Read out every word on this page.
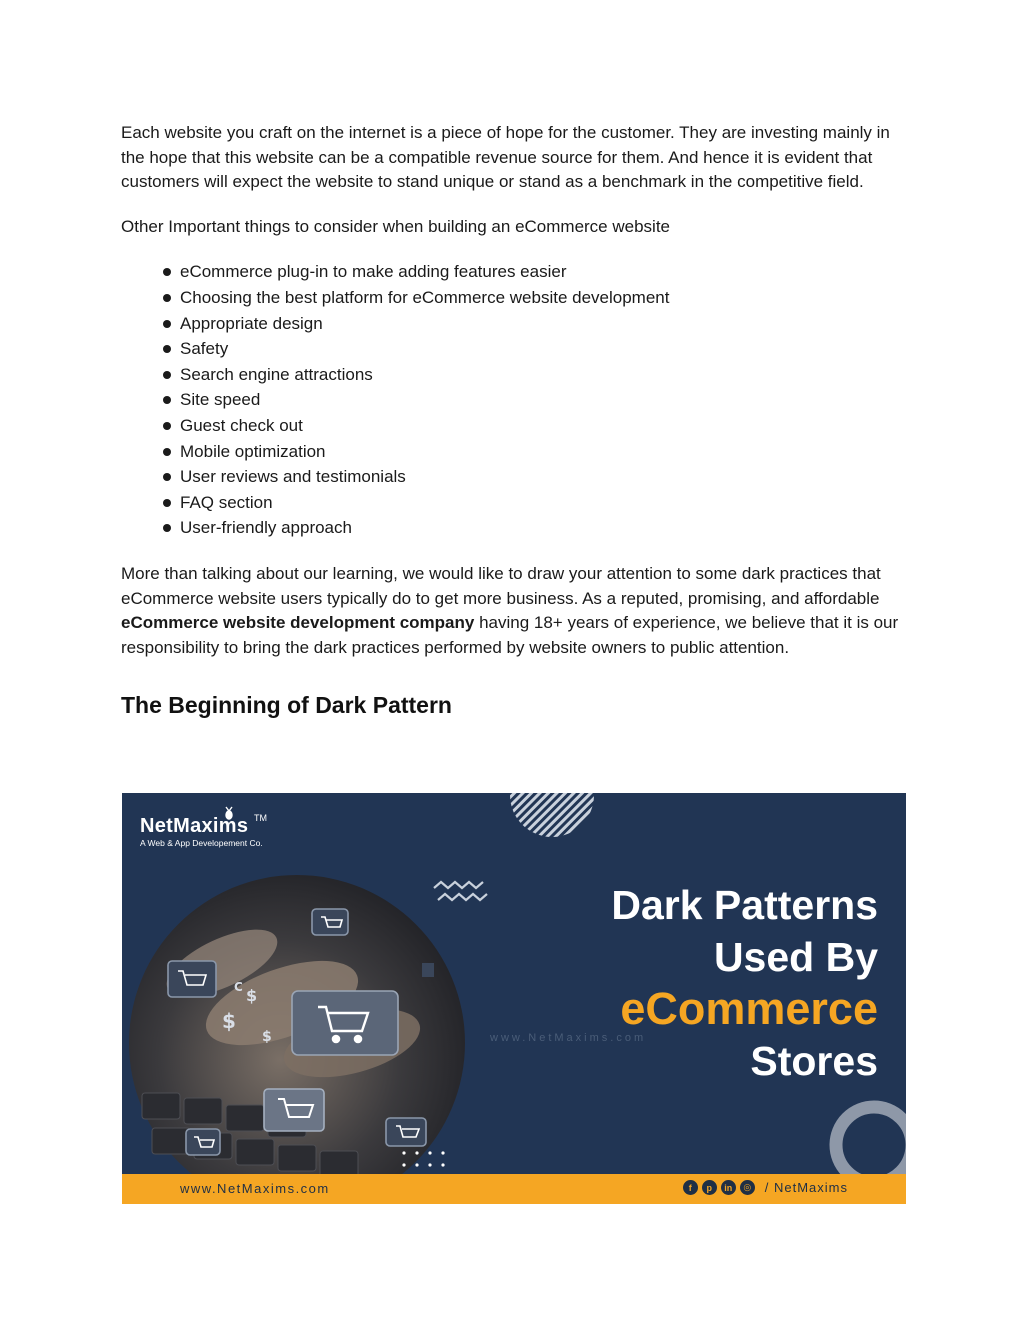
Each website you craft on the internet is a piece of hope for the customer. They are investing mainly in the hope that this website can be a compatible revenue source for them. And hence it is evident that customers will expect the website to stand unique or stand as a benchmark in the competitive field.

Other Important things to consider when building an eCommerce website

eCommerce plug-in to make adding features easier
Choosing the best platform for eCommerce website development
Appropriate design
Safety
Search engine attractions
Site speed
Guest check out
Mobile optimization
User reviews and testimonials
FAQ section
User-friendly approach

More than talking about our learning, we would like to draw your attention to some dark practices that eCommerce website users typically do to get more business. As a reputed, promising, and affordable eCommerce website development company having 18+ years of experience, we believe that it is our responsibility to bring the dark practices performed by website owners to public attention.

The Beginning of Dark Pattern
$
$
$
C
NetMaxims TM
A Web & App Developement Co.
Dark Patterns
Used By
eCommerce
Stores
www.NetMaxims.com
www.NetMaxims.com	f	p	in	◎ / NetMaxims
